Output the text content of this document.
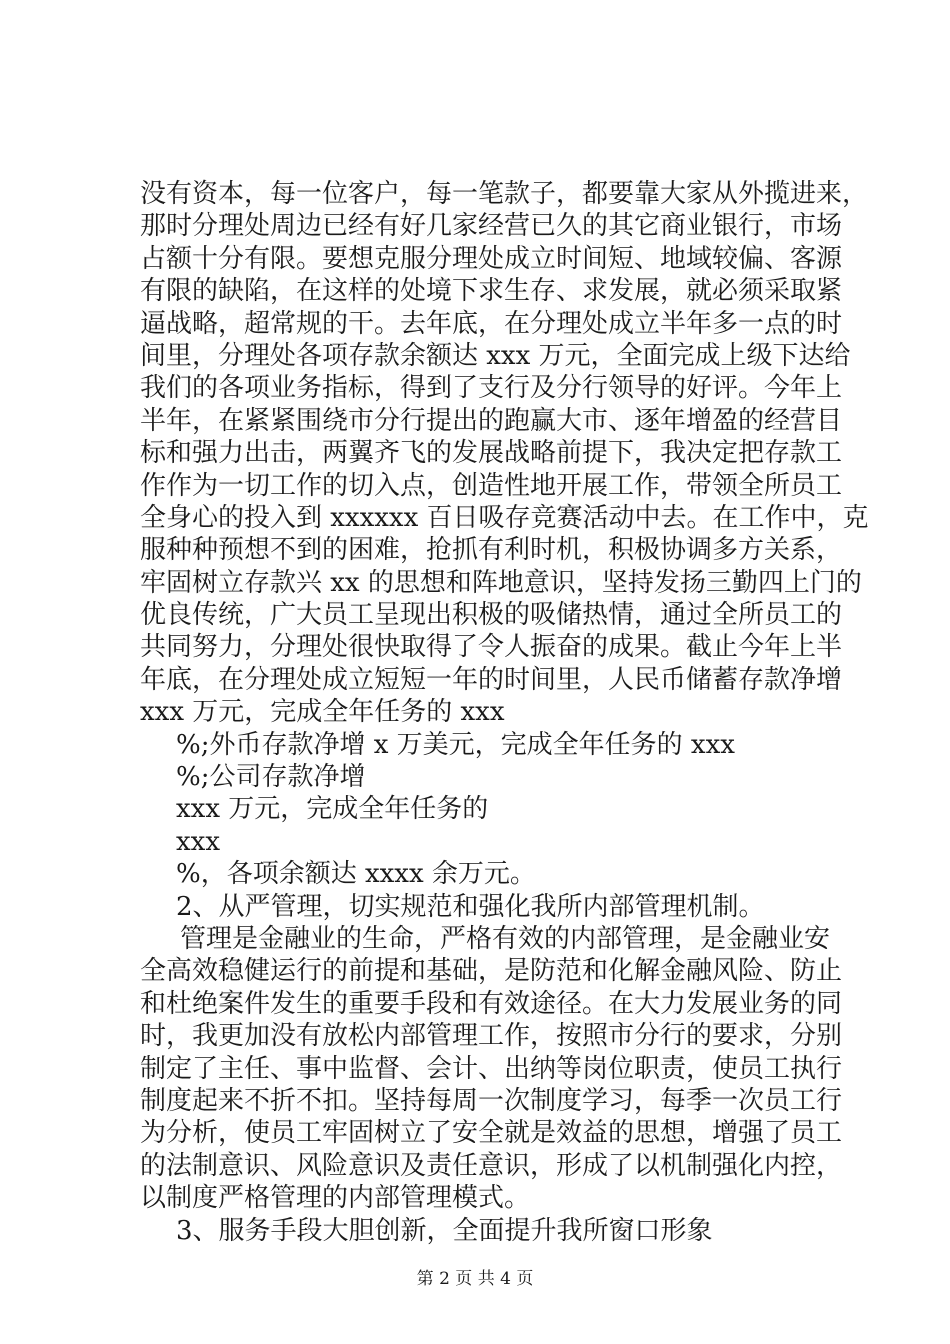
没有资本，每一位客户，每一笔款子，都要靠大家从外揽进来，
那时分理处周边已经有好几家经营已久的其它商业银行，市场
占额十分有限。要想克服分理处成立时间短、地域较偏、客源
有限的缺陷，在这样的处境下求生存、求发展，就必须采取紧
逼战略，超常规的干。去年底，在分理处成立半年多一点的时
间里，分理处各项存款余额达 xxx 万元，全面完成上级下达给
我们的各项业务指标，得到了支行及分行领导的好评。今年上
半年，在紧紧围绕市分行提出的跑赢大市、逐年增盈的经营目
标和强力出击，两翼齐飞的发展战略前提下，我决定把存款工
作作为一切工作的切入点，创造性地开展工作，带领全所员工
全身心的投入到 xxxxxx 百日吸存竞赛活动中去。在工作中，克
服种种预想不到的困难，抢抓有利时机，积极协调多方关系，
牢固树立存款兴 xx 的思想和阵地意识，坚持发扬三勤四上门的
优良传统，广大员工呈现出积极的吸储热情，通过全所员工的
共同努力，分理处很快取得了令人振奋的成果。截止今年上半
年底，在分理处成立短短一年的时间里，人民币储蓄存款净增
xxx 万元，完成全年任务的 xxx
%;外币存款净增 x 万美元，完成全年任务的 xxx
%;公司存款净增
xxx 万元，完成全年任务的
xxx
%，各项余额达 xxxx 余万元。
2、从严管理，切实规范和强化我所内部管理机制。
管理是金融业的生命，严格有效的内部管理，是金融业安
全高效稳健运行的前提和基础，是防范和化解金融风险、防止
和杜绝案件发生的重要手段和有效途径。在大力发展业务的同
时，我更加没有放松内部管理工作，按照市分行的要求，分别
制定了主任、事中监督、会计、出纳等岗位职责，使员工执行
制度起来不折不扣。坚持每周一次制度学习，每季一次员工行
为分析，使员工牢固树立了安全就是效益的思想，增强了员工
的法制意识、风险意识及责任意识，形成了以机制强化内控，
以制度严格管理的内部管理模式。
3、服务手段大胆创新，全面提升我所窗口形象
第 2 页 共 4 页
